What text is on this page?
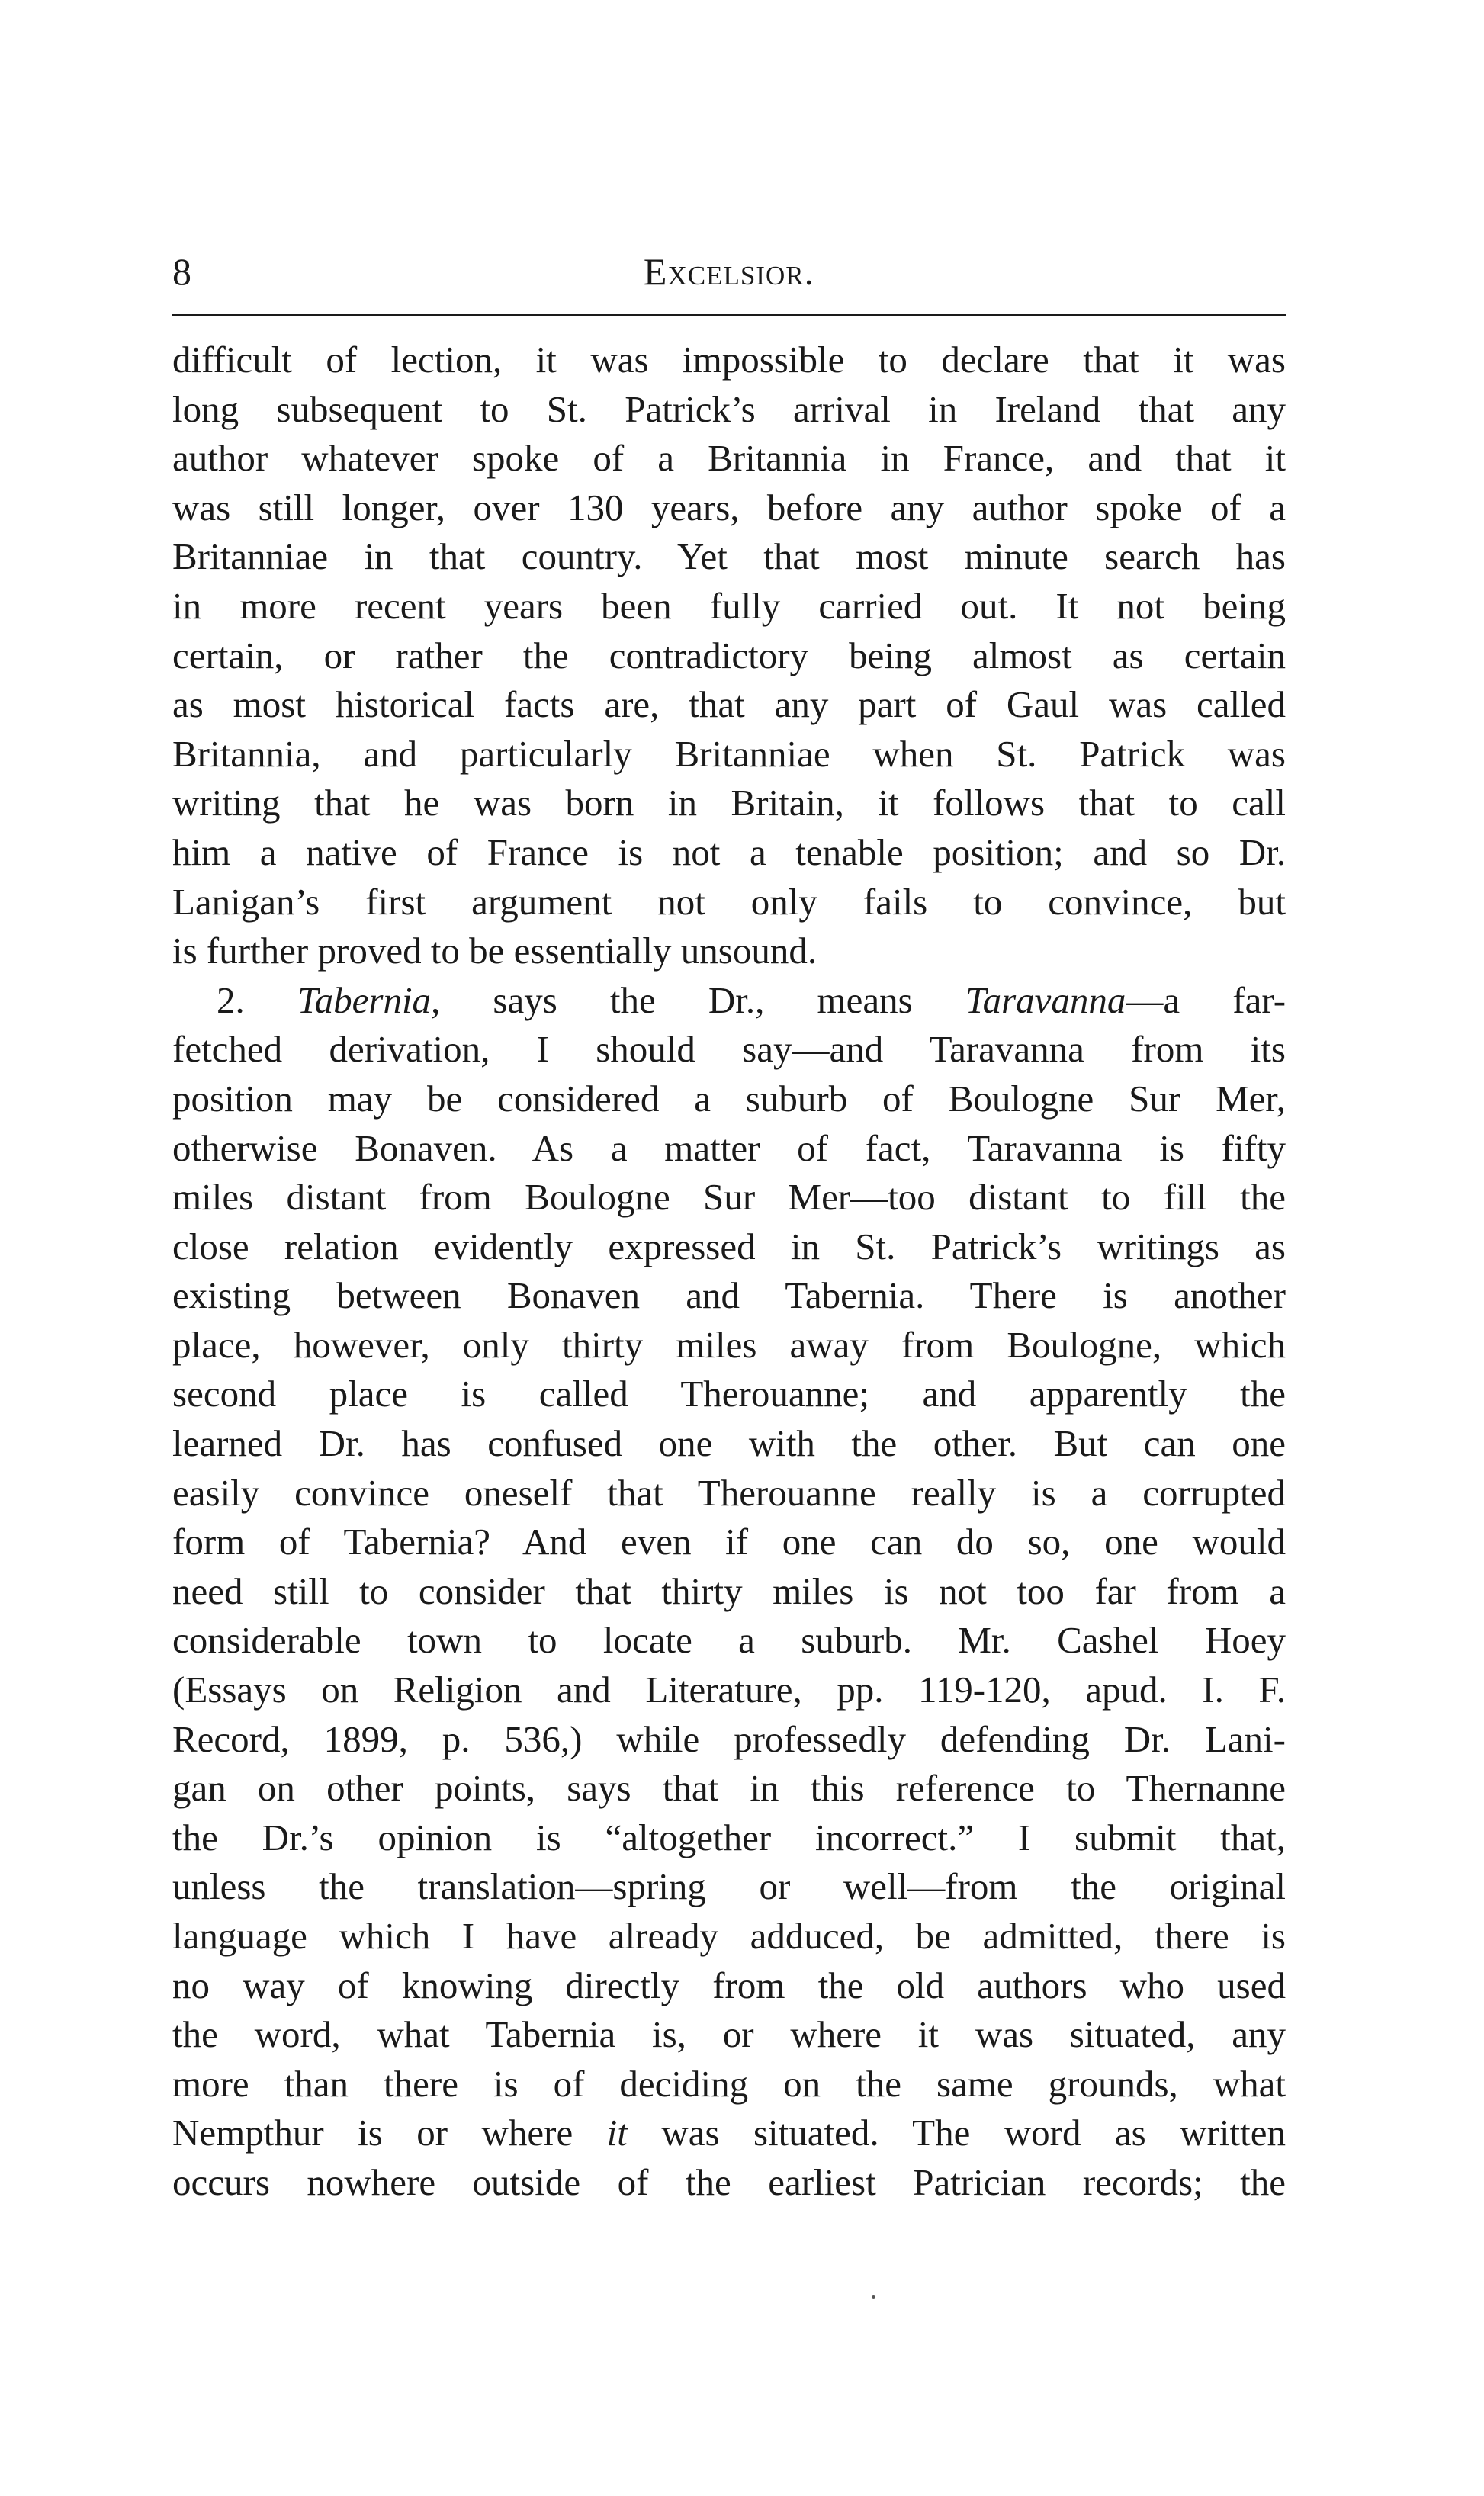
8	Excelsior.
difficult of lection, it was impossible to declare that it was
long subsequent to St. Patrick’s arrival in Ireland that any
author whatever spoke of a Britannia in France, and that it
was still longer, over 130 years, before any author spoke of a
Britanniae in that country. Yet that most minute search has
in more recent years been fully carried out. It not being
certain, or rather the contradictory being almost as certain
as most historical facts are, that any part of Gaul was called
Britannia, and particularly Britanniae when St. Patrick was
writing that he was born in Britain, it follows that to call
him a native of France is not a tenable position; and so Dr.
Lanigan’s first argument not only fails to convince, but
is further proved to be essentially unsound.
2. Tabernia, says the Dr., means Taravanna—a far-
fetched derivation, I should say—and Taravanna from its
position may be considered a suburb of Boulogne Sur Mer,
otherwise Bonaven. As a matter of fact, Taravanna is fifty
miles distant from Boulogne Sur Mer—too distant to fill the
close relation evidently expressed in St. Patrick’s writings as
existing between Bonaven and Tabernia. There is another
place, however, only thirty miles away from Boulogne, which
second place is called Therouanne; and apparently the
learned Dr. has confused one with the other. But can one
easily convince oneself that Therouanne really is a corrupted
form of Tabernia? And even if one can do so, one would
need still to consider that thirty miles is not too far from a
considerable town to locate a suburb. Mr. Cashel Hoey
(Essays on Religion and Literature, pp. 119-120, apud. I. F.
Record, 1899, p. 536,) while professedly defending Dr. Lani-
gan on other points, says that in this reference to Thernanne
the Dr.’s opinion is “altogether incorrect.” I submit that,
unless the translation—spring or well—from the original
language which I have already adduced, be admitted, there is
no way of knowing directly from the old authors who used
the word, what Tabernia is, or where it was situated, any
more than there is of deciding on the same grounds, what
Nempthur is or where it was situated. The word as written
occurs nowhere outside of the earliest Patrician records; the
